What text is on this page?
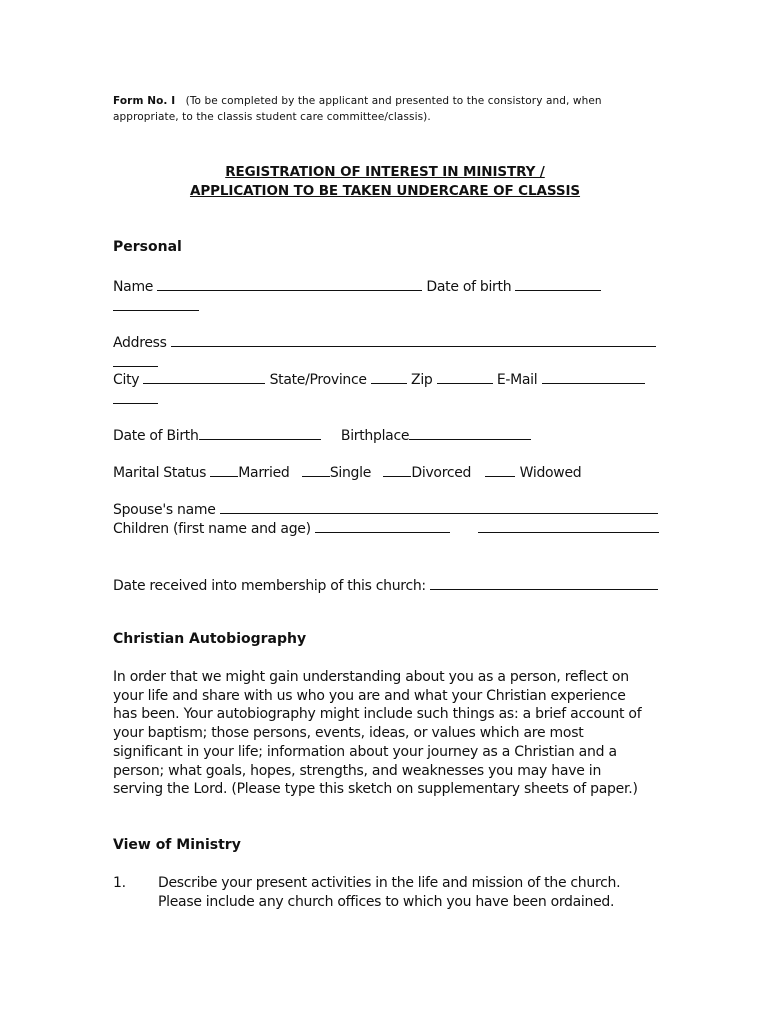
Form No. I (To be completed by the applicant and presented to the consistory and, when
appropriate, to the classis student care committee/classis).
REGISTRATION OF INTEREST IN MINISTRY /
APPLICATION TO BE TAKEN UNDERCARE OF CLASSIS
Personal
Name	Date of birth
Address
City	State/Province	Zip	E-Mail
Date of Birth	Birthplace
Marital Status Married	Single	Divorced	Widowed
Spouse's name
Children (first name and age)
Date received into membership of this church:
Christian Autobiography
In order that we might gain understanding about you as a person, reflect on your life and share with us who you are and what your Christian experience has been. Your autobiography might include such things as: a brief account of your baptism; those persons, events, ideas, or values which are most significant in your life; information about your journey as a Christian and a person; what goals, hopes, strengths, and weaknesses you may have in serving the Lord. (Please type this sketch on supplementary sheets of paper.)
View of Ministry
1. Describe your present activities in the life and mission of the church.
Please include any church offices to which you have been ordained.
